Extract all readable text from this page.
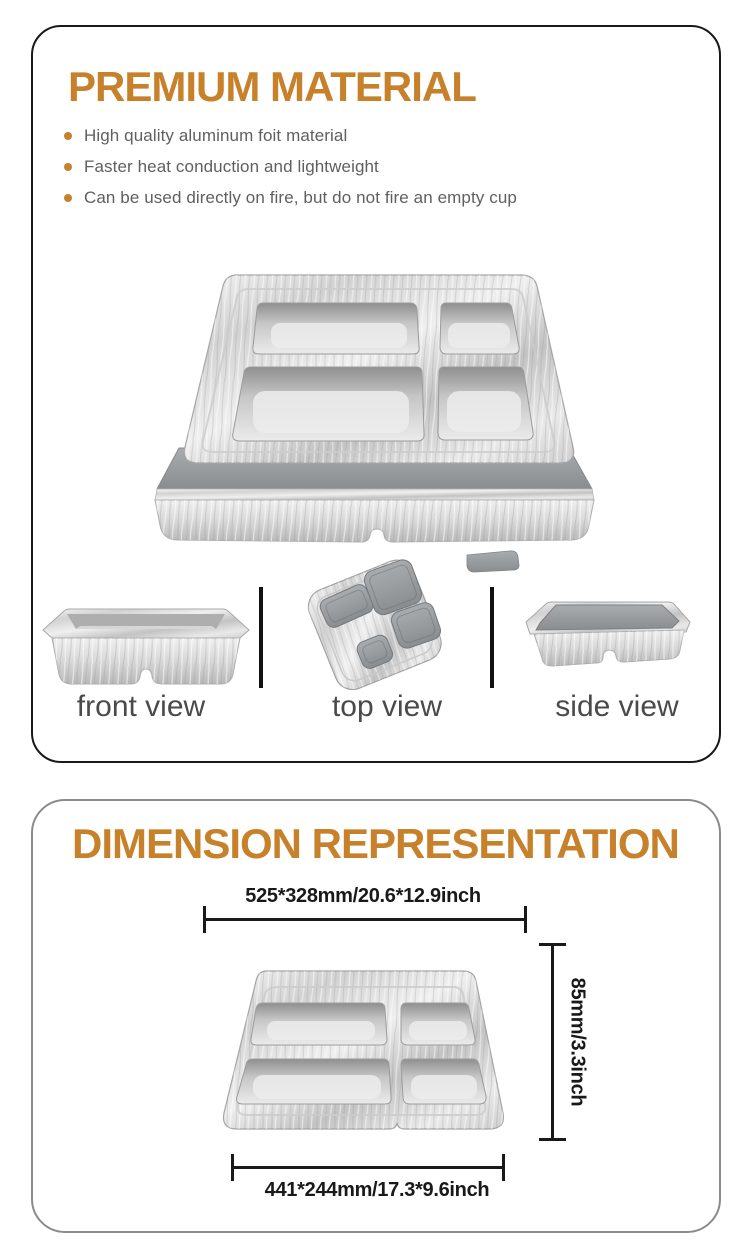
PREMIUM MATERIAL
High quality aluminum foit material
Faster heat conduction and lightweight
Can be used directly on fire, but do not fire an empty cup
front view	top view	side view
DIMENSION REPRESENTATION
525*328mm/20.6*12.9inch
85mm/3.3inch
441*244mm/17.3*9.6inch
